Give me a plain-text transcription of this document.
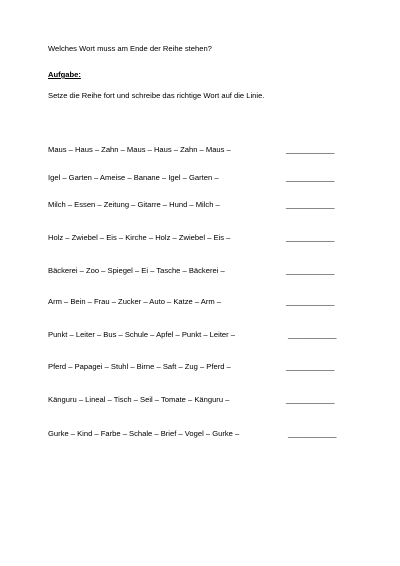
Welches Wort muss am Ende der Reihe stehen?
Aufgabe:
Setze die Reihe fort und schreibe das richtige Wort auf die Linie.
Maus – Haus – Zahn – Maus – Haus – Zahn – Maus –	____________
Igel – Garten – Ameise – Banane – Igel – Garten –	____________
Milch – Essen – Zeitung – Gitarre – Hund – Milch –	____________
Holz – Zwiebel – Eis – Kirche – Holz – Zwiebel – Eis –	____________
Bäckerei – Zoo – Spiegel – Ei – Tasche – Bäckerei –	____________
Arm – Bein – Frau – Zucker – Auto – Katze – Arm –	____________
Punkt – Leiter – Bus – Schule – Apfel – Punkt – Leiter –	____________
Pferd – Papagei – Stuhl – Birne – Saft – Zug – Pferd –	____________
Känguru – Lineal – Tisch – Seil – Tomate – Känguru –	____________
Gurke – Kind – Farbe – Schale – Brief – Vogel – Gurke –	____________
